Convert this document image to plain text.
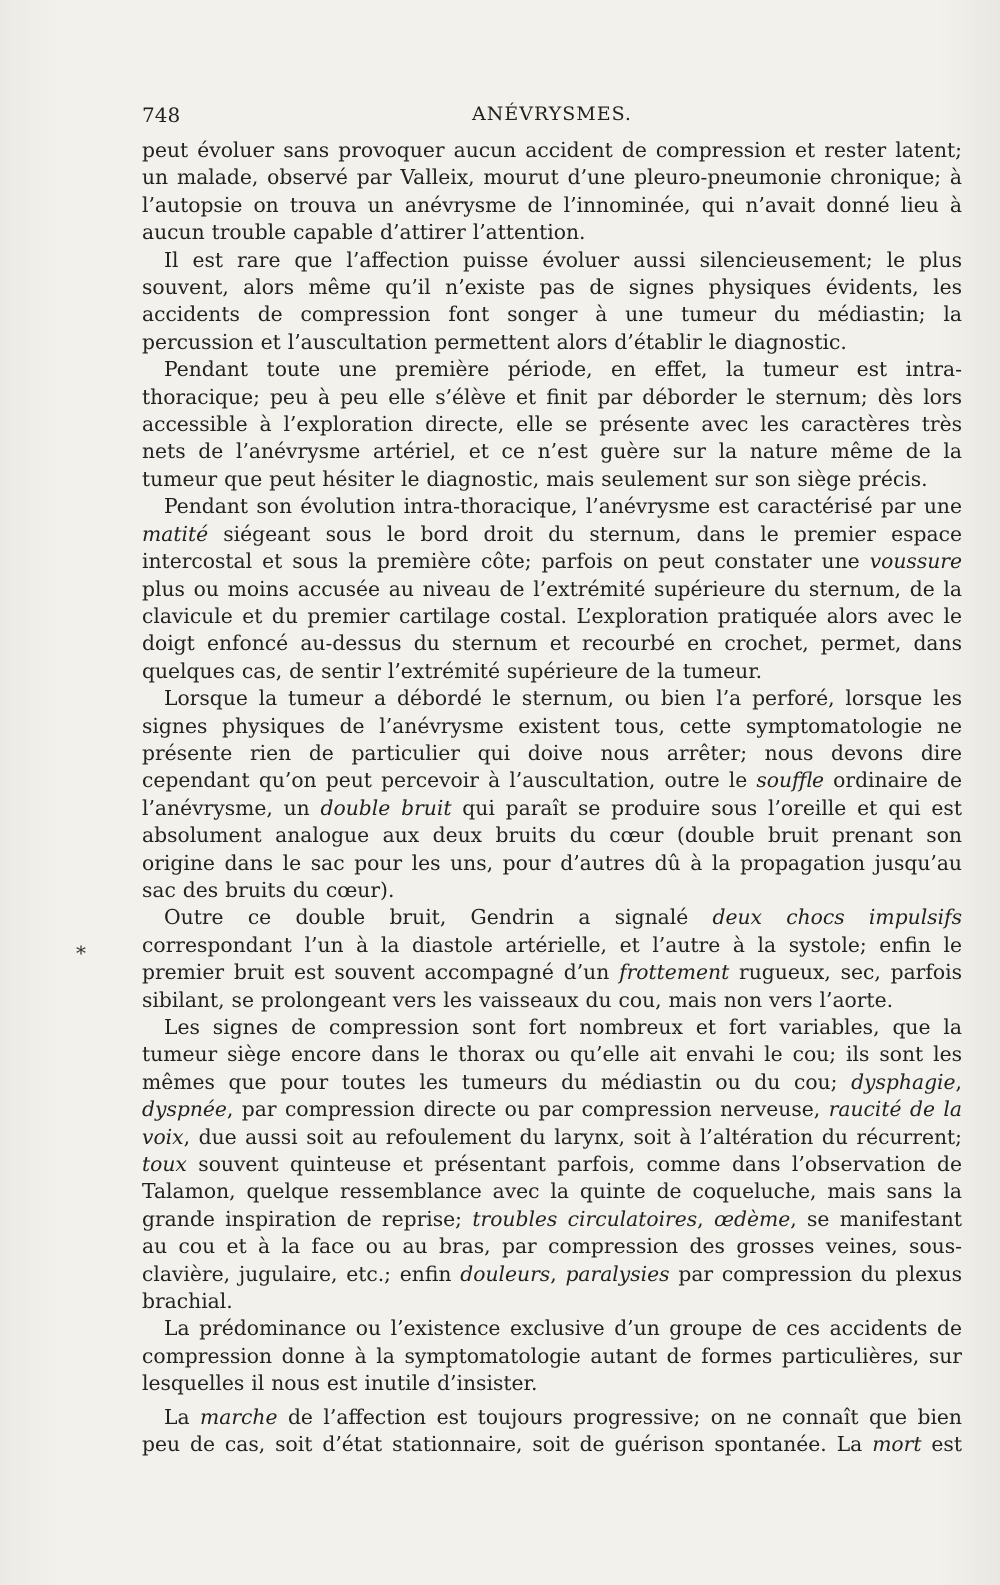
748	ANÉVRYSMES.
*

peut évoluer sans provoquer aucun accident de compression et rester latent; un malade, observé par Valleix, mourut d’une pleuro-pneumonie chronique; à l’autopsie on trouva un anévrysme de l’innominée, qui n’avait donné lieu à aucun trouble capable d’attirer l’attention.

Il est rare que l’affection puisse évoluer aussi silencieusement; le plus souvent, alors même qu’il n’existe pas de signes physiques évidents, les accidents de compression font songer à une tumeur du médiastin; la percussion et l’auscultation permettent alors d’établir le diagnostic.

Pendant toute une première période, en effet, la tumeur est intra-thoracique; peu à peu elle s’élève et finit par déborder le sternum; dès lors accessible à l’exploration directe, elle se présente avec les caractères très nets de l’anévrysme artériel, et ce n’est guère sur la nature même de la tumeur que peut hésiter le diagnostic, mais seulement sur son siège précis.

Pendant son évolution intra-thoracique, l’anévrysme est caractérisé par une matité siégeant sous le bord droit du sternum, dans le premier espace intercostal et sous la première côte; parfois on peut constater une voussure plus ou moins accusée au niveau de l’extrémité supérieure du sternum, de la clavicule et du premier cartilage costal. L’exploration pratiquée alors avec le doigt enfoncé au-dessus du sternum et recourbé en crochet, permet, dans quelques cas, de sentir l’extrémité supérieure de la tumeur.

Lorsque la tumeur a débordé le sternum, ou bien l’a perforé, lorsque les signes physiques de l’anévrysme existent tous, cette symptomatologie ne présente rien de particulier qui doive nous arrêter; nous devons dire cependant qu’on peut percevoir à l’auscultation, outre le souffle ordinaire de l’anévrysme, un double bruit qui paraît se produire sous l’oreille et qui est absolument analogue aux deux bruits du cœur (double bruit prenant son origine dans le sac pour les uns, pour d’autres dû à la propagation jusqu’au sac des bruits du cœur).

Outre ce double bruit, Gendrin a signalé deux chocs impulsifs correspondant l’un à la diastole artérielle, et l’autre à la systole; enfin le premier bruit est souvent accompagné d’un frottement rugueux, sec, parfois sibilant, se prolongeant vers les vaisseaux du cou, mais non vers l’aorte.

Les signes de compression sont fort nombreux et fort variables, que la tumeur siège encore dans le thorax ou qu’elle ait envahi le cou; ils sont les mêmes que pour toutes les tumeurs du médiastin ou du cou; dysphagie, dyspnée, par compression directe ou par compression nerveuse, raucité de la voix, due aussi soit au refoulement du larynx, soit à l’altération du récurrent; toux souvent quinteuse et présentant parfois, comme dans l’observation de Talamon, quelque ressemblance avec la quinte de coqueluche, mais sans la grande inspiration de reprise; troubles circulatoires, œdème, se manifestant au cou et à la face ou au bras, par compression des grosses veines, sous-clavière, jugulaire, etc.; enfin douleurs, paralysies par compression du plexus brachial.

La prédominance ou l’existence exclusive d’un groupe de ces accidents de compression donne à la symptomatologie autant de formes particulières, sur lesquelles il nous est inutile d’insister.

La marche de l’affection est toujours progressive; on ne connaît que bien peu de cas, soit d’état stationnaire, soit de guérison spontanée. La mort est
